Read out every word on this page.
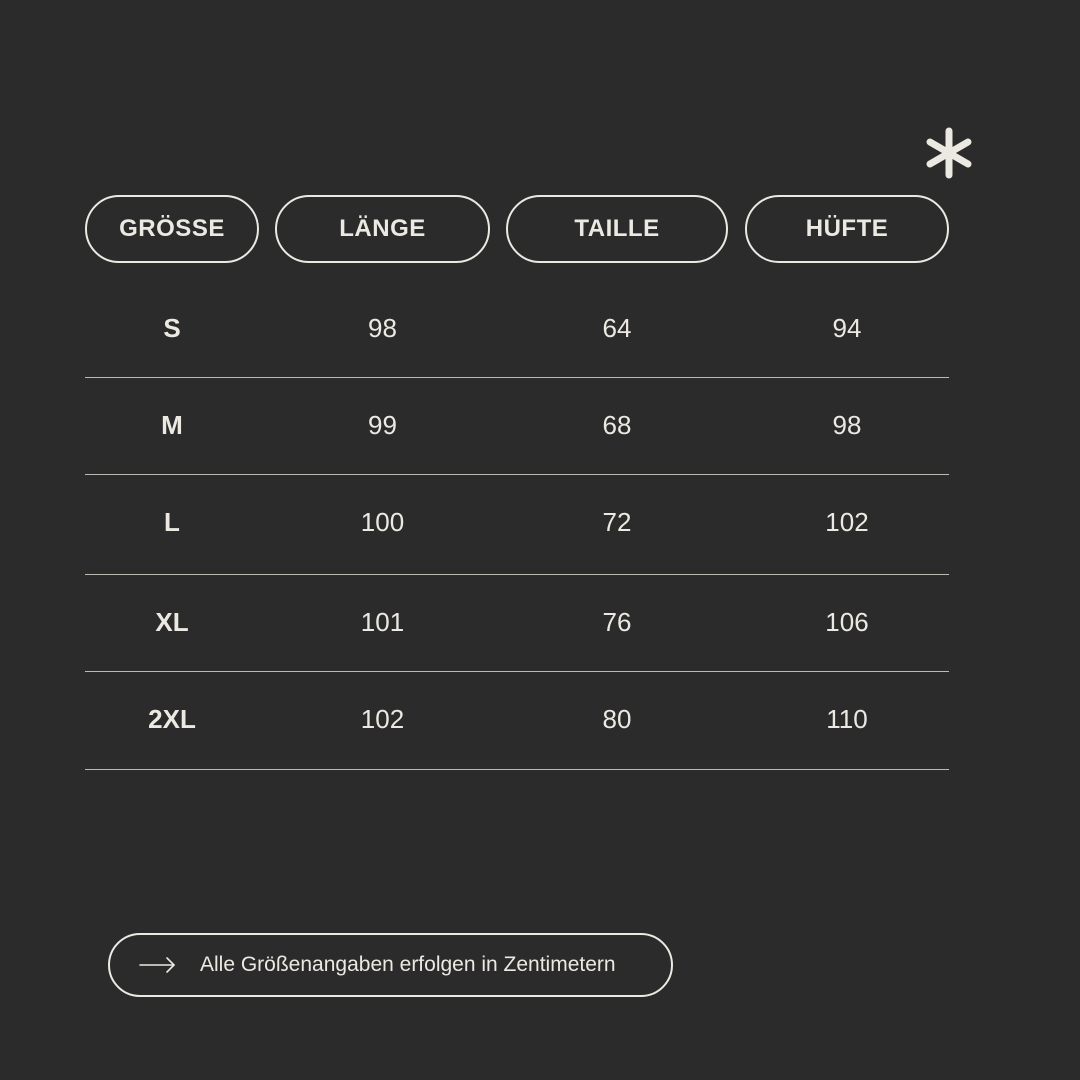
GRÖSSE	LÄNGE	TAILLE	HÜFTE
S	98	64	94
M	99	68	98
L	100	72	102
XL	101	76	106
2XL	102	80	110
Alle Größenangaben erfolgen in Zentimetern
